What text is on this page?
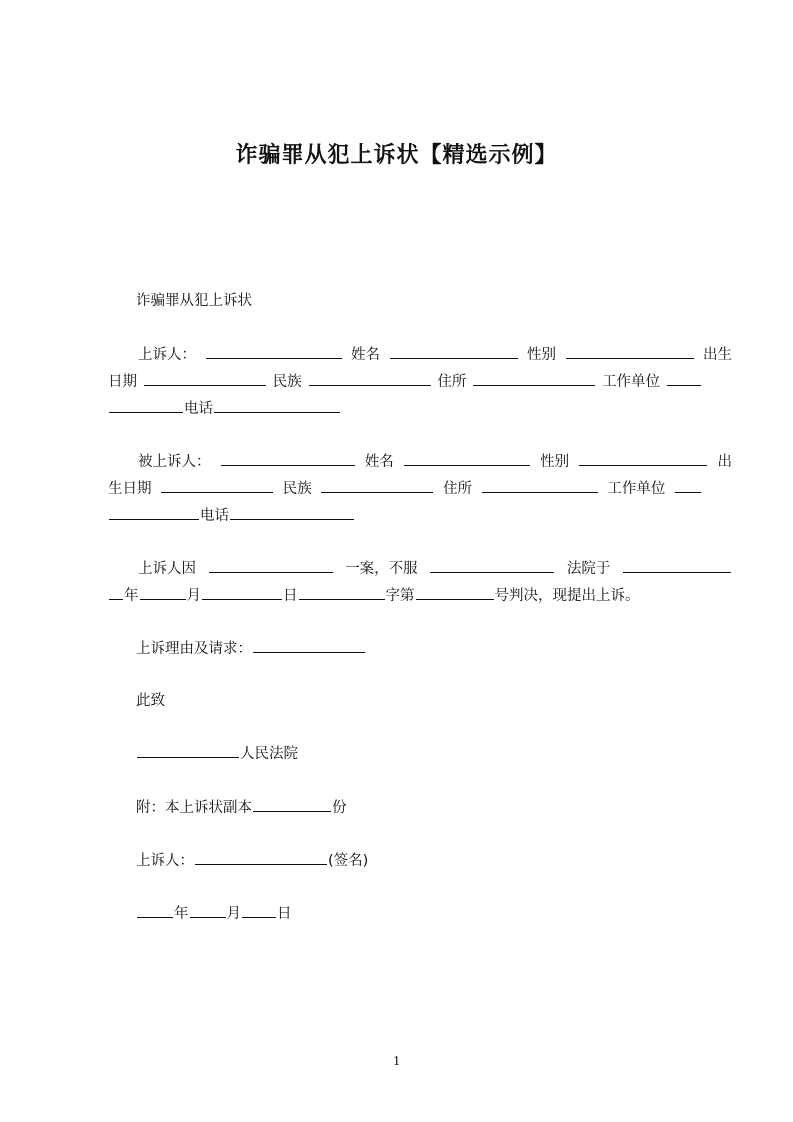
诈骗罪从犯上诉状【精选示例】
诈骗罪从犯上诉状
上诉人：	姓名	性别	出生
日期	民族	住所	工作单位
电话
被上诉人：	姓名	性别	出
生日期	民族	住所	工作单位
电话
上诉人因	一案，不服	法院于
年	月	日	字第	号判决，现提出上诉。
上诉理由及请求：
此致
人民法院
附：本上诉状副本	份
上诉人：	(签名)
年	月 日
1
